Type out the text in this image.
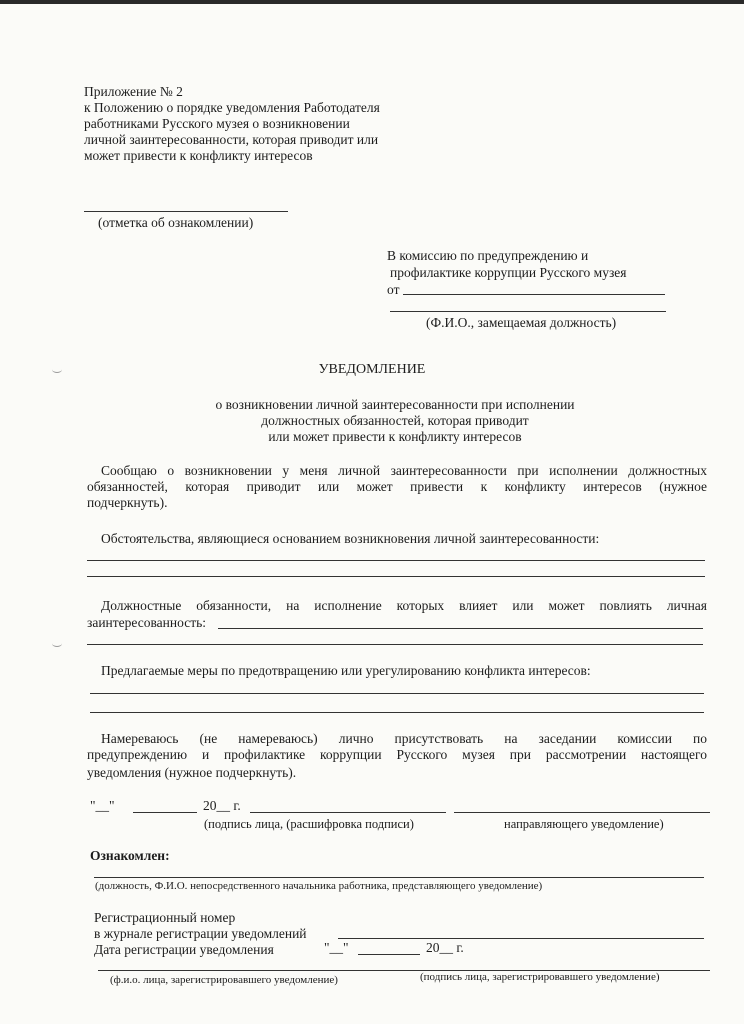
Приложение № 2
к Положению о порядке уведомления Работодателя
работниками Русского музея о возникновении
личной заинтересованности, которая приводит или
может привести к конфликту интересов
(отметка об ознакомлении)
В комиссию по предупреждению и
профилактике коррупции Русского музея
от
(Ф.И.О., замещаемая должность)
УВЕДОМЛЕНИЕ
о возникновении личной заинтересованности при исполнении
должностных обязанностей, которая приводит
или может привести к конфликту интересов
Сообщаю о возникновении у меня личной заинтересованности при исполнении должностных
обязанностей, которая приводит или может привести к конфликту интересов (нужное
подчеркнуть).
Обстоятельства, являющиеся основанием возникновения личной заинтересованности:
Должностные обязанности, на исполнение которых влияет или может повлиять личная
заинтересованность:
Предлагаемые меры по предотвращению или урегулированию конфликта интересов:
Намереваюсь (не намереваюсь) лично присутствовать на заседании комиссии по
предупреждению и профилактике коррупции Русского музея при рассмотрении настоящего
уведомления (нужное подчеркнуть).
"__"	20__ г.
(подпись лица, (расшифровка подписи)	направляющего уведомление)
Ознакомлен:
(должность, Ф.И.О. непосредственного начальника работника, представляющего уведомление)
Регистрационный номер
в журнале регистрации уведомлений
Дата регистрации уведомления	"__"	20__ г.
(ф.и.о. лица, зарегистрировавшего уведомление)	(подпись лица, зарегистрировавшего уведомление)
